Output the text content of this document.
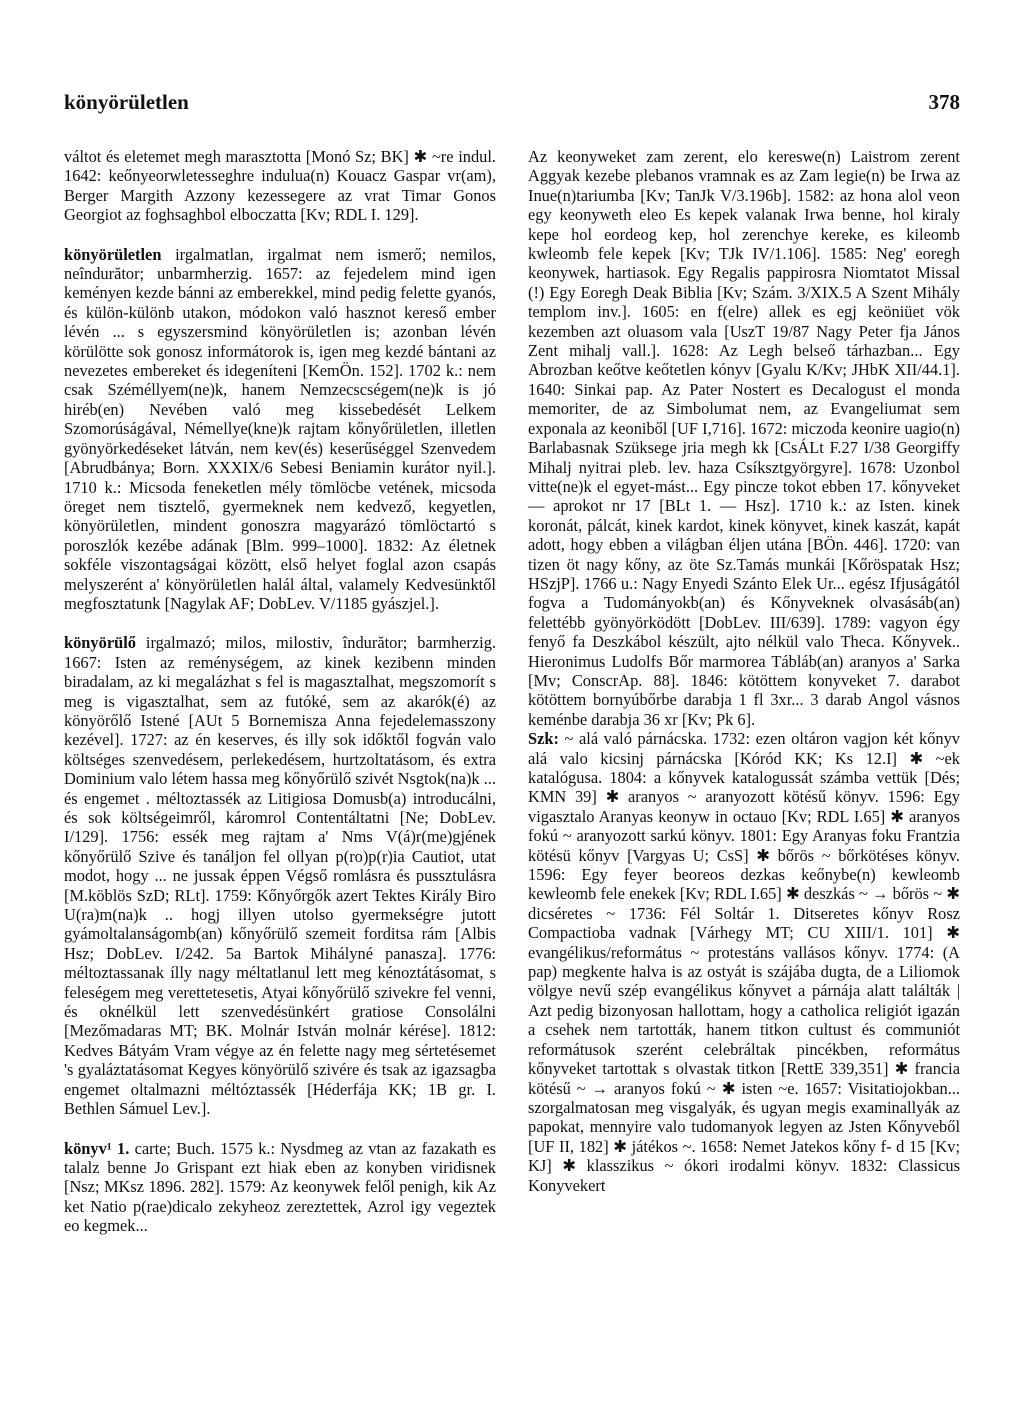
könyörületlen	378

váltot és eletemet megh marasztotta [Monó Sz; BK] ✱ ~re indul. 1642: keőnyeorwletesseghre indulua(n) Kouacz Gaspar vr(am), Berger Margith Azzony kezessegere az vrat Timar Gonos Georgiot az foghsaghbol elboczatta [Kv; RDL I. 129].

könyörületlen irgalmatlan, irgalmat nem ismerő; nemilos, neîndurător; unbarmherzig. 1657: az fejedelem mind igen keményen kezde bánni az emberekkel, mind pedig felette gyanós, és külön-különb utakon, módokon való hasznot kereső ember lévén ... s egyszersmind könyörületlen is; azonban lévén körülötte sok gonosz informátorok is, igen meg kezdé bántani az nevezetes embereket és idegeníteni [KemÖn. 152]. 1702 k.: nem csak Széméllyem(ne)k, hanem Nemzecscségem(ne)k is jó hiréb(en) Nevében való meg kissebedését Lelkem Szomorúságával, Némellye(kne)k rajtam kőnyőrületlen, illetlen gyönyörkedéseket látván, nem kev(és) keserűséggel Szenvedem [Abrudbánya; Born. XXXIX/6 Sebesi Beniamin kurátor nyil.]. 1710 k.: Micsoda feneketlen mély tömlöcbe vetének, micsoda öreget nem tisztelő, gyermeknek nem kedvező, kegyetlen, könyörületlen, mindent gonoszra magyarázó tömlöctartó s poroszlók kezébe adának [Blm. 999–1000]. 1832: Az életnek sokféle viszontagságai között, első helyet foglal azon csapás melyszerént a' könyörületlen halál által, valamely Kedvesünktől megfosztatunk [Nagylak AF; DobLev. V/1185 gyászjel.].

könyörülő irgalmazó; milos, milostiv, îndurător; barmherzig. 1667: Isten az reménységem, az kinek kezibenn minden biradalam, az ki megalázhat s fel is magasztalhat, megszomorít s meg is vigasztalhat, sem az futóké, sem az akarók(é) az könyörőlő Istené [AUt 5 Bornemisza Anna fejedelemasszony kezével]. 1727: az én keserves, és illy sok időktől fogván valo költséges szenvedésem, perlekedésem, hurtzoltatásom, és extra Dominium valo létem hassa meg kőnyőrülő szivét Nsgtok(na)k ... és engemet . méltoztassék az Litigiosa Domusb(a) introducálni, és sok költségeimről, káromrol Contentáltatni [Ne; DobLev. I/129]. 1756: essék meg rajtam a' Nms V(á)r(me)gjének kőnyőrülő Szive és tanáljon fel ollyan p(ro)p(r)ia Cautiot, utat modot, hogy ... ne jussak éppen Végső romlásra és pussztulásra [M.köblös SzD; RLt]. 1759: Kőnyőrgők azert Tektes Király Biro U(ra)m(na)k .. hogj illyen utolso gyermekségre jutott gyámoltalanságomb(an) kőnyőrülő szemeit forditsa rám [Albis Hsz; DobLev. I/242. 5a Bartok Mihályné panasza]. 1776: méltoztassanak ílly nagy méltatlanul lett meg kénoztátásomat, s feleségem meg verettetesetis, Atyai kőnyőrülő szivekre fel venni, és oknélkül lett szenvedésünkért gratiose Consolálni [Mezőmadaras MT; BK. Molnár István molnár kérése]. 1812: Kedves Bátyám Vram végye az én felette nagy meg sértetésemet 's gyaláztatásomat Kegyes könyörülő szivére és tsak az igazsagba engemet oltalmazni méltóztassék [Héderfája KK; 1B gr. I. Bethlen Sámuel Lev.].

könyv¹ 1. carte; Buch. 1575 k.: Nysdmeg az vtan az fazakath es talalz benne Jo Grispant ezt hiak eben az konyben viridisnek [Nsz; MKsz 1896. 282]. 1579: Az keonywek felől penigh, kik Az ket Natio p(rae)dicalo zekyheoz zereztettek, Azrol igy vegeztek eo kegmek...

Az keonyweket zam zerent, elo kereswe(n) Laistrom zerent Aggyak kezebe plebanos vramnak es az Zam legie(n) be Irwa az Inue(n)tariumba [Kv; TanJk V/3.196b]. 1582: az hona alol veon egy keonyweth eleo Es kepek valanak Irwa benne, hol kiraly kepe hol eordeog kep, hol zerenchye kereke, es kileomb kwleomb fele kepek [Kv; TJk IV/1.106]. 1585: Neg' eoregh keonywek, hartiasok. Egy Regalis pappirosra Niomtatot Missal (!) Egy Eoregh Deak Biblia [Kv; Szám. 3/XIX.5 A Szent Mihály templom inv.]. 1605: en f(elre) allek es egj keöniüet vök kezemben azt oluasom vala [UszT 19/87 Nagy Peter fja János Zent mihalj vall.]. 1628: Az Legh belseő tárhazban... Egy Abrozban keőtve keőtetlen kónyv [Gyalu K/Kv; JHbK XII/44.1]. 1640: Sinkai pap. Az Pater Nostert es Decalogust el monda memoriter, de az Simbolumat nem, az Evangeliumat sem exponala az keoniből [UF I,716]. 1672: miczoda keonire uagio(n) Barlabasnak Szüksege jria megh kk [CsÁLt F.27 I/38 Georgiffy Mihalj nyitrai pleb. lev. haza Csíksztgyörgyre]. 1678: Uzonbol vitte(ne)k el egyet-mást... Egy pincze tokot ebben 17. kőnyveket — aprokot nr 17 [BLt 1. — Hsz]. 1710 k.: az Isten. kinek koronát, pálcát, kinek kardot, kinek könyvet, kinek kaszát, kapát adott, hogy ebben a világban éljen utána [BÖn. 446]. 1720: van tizen öt nagy kőny, az öte Sz.Tamás munkái [Kőröspatak Hsz; HSzjP]. 1766 u.: Nagy Enyedi Szánto Elek Ur... egész Ifjuságától fogva a Tudományokb(an) és Kőnyveknek olvasásáb(an) felettébb gyönyörködött [DobLev. III/639]. 1789: vagyon égy fenyő fa Deszkábol készült, ajto nélkül valo Theca. Kőnyvek.. Hieronimus Ludolfs Bőr marmorea Tábláb(an) aranyos a' Sarka [Mv; ConscrAp. 88]. 1846: kötöttem konyveket 7. darabot kötöttem bornyúbőrbe darabja 1 fl 3xr... 3 darab Angol vásnos keménbe darabja 36 xr [Kv; Pk 6].

Szk: ~ alá való párnácska. 1732: ezen oltáron vagjon két kőnyv alá valo kicsinj párnácska [Kóród KK; Ks 12.I] ✱ ~ek katalógusa. 1804: a kőnyvek katalogussát számba vettük [Dés; KMN 39] ✱ aranyos ~ aranyozott kötésű könyv. 1596: Egy vigasztalo Aranyas keonyw in octauo [Kv; RDL I.65] ✱ aranyos fokú ~ aranyozott sarkú könyv. 1801: Egy Aranyas foku Frantzia kötésü kőnyv [Vargyas U; CsS] ✱ bőrös ~ bőrkötéses könyv. 1596: Egy feyer beoreos dezkas keőnybe(n) kewleomb kewleomb fele enekek [Kv; RDL I.65] ✱ deszkás ~ → bőrös ~ ✱ dicséretes ~ 1736: Fél Soltár 1. Ditseretes kőnyv Rosz Compactioba vadnak [Várhegy MT; CU XIII/1. 101] ✱ evangélikus/református ~ protestáns vallásos kőnyv. 1774: (A pap) megkente halva is az ostyát is szájába dugta, de a Liliomok völgye nevű szép evangélikus kőnyvet a párnája alatt találták | Azt pedig bizonyosan hallottam, hogy a catholica religiót igazán a csehek nem tartották, hanem titkon cultust és communiót reformátusok szerént celebráltak pincékben, református kőnyveket tartottak s olvastak titkon [RettE 339,351] ✱ francia kötésű ~ → aranyos fokú ~ ✱ isten ~e. 1657: Visitatiojokban... szorgalmatosan meg visgalyák, és ugyan megis examinallyák az papokat, mennyire valo tudomanyok legyen az Jsten Kőnyveből [UF II, 182] ✱ játékos ~. 1658: Nemet Jatekos kőny f- d 15 [Kv; KJ] ✱ klasszikus ~ ókori irodalmi könyv. 1832: Classicus Konyvekert
